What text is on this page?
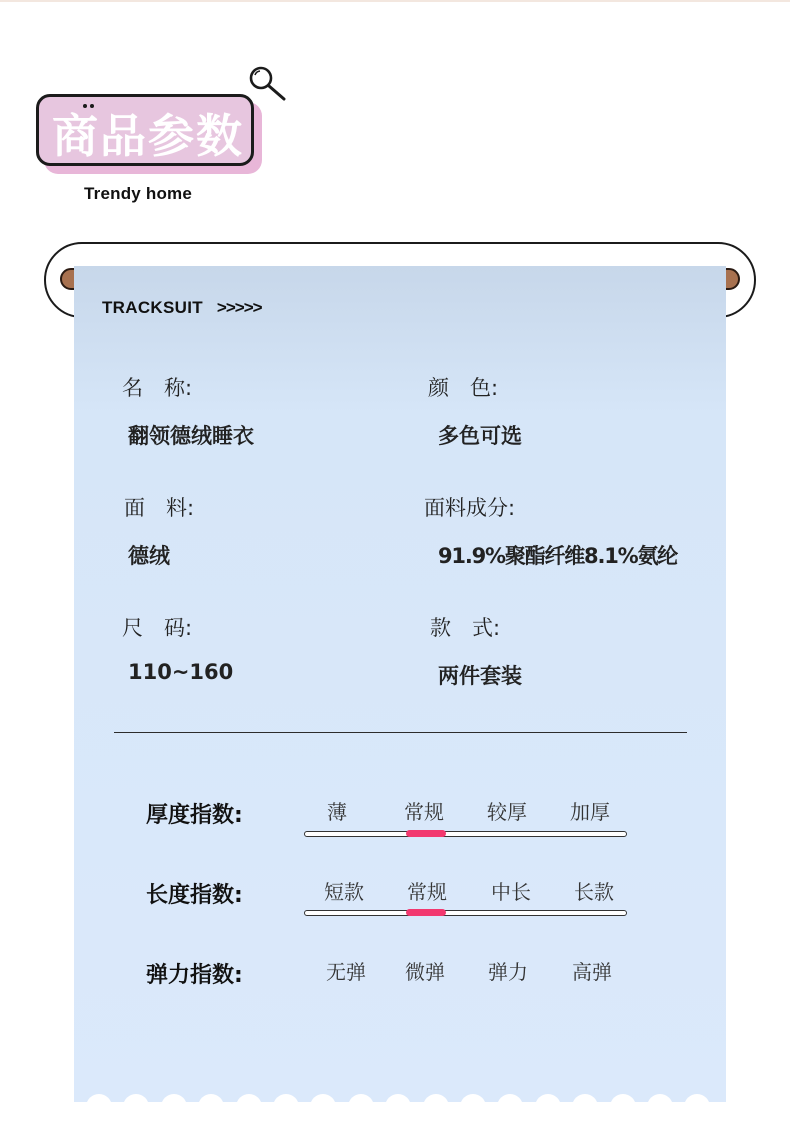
商品参数
Trendy home
TRACKSUIT >>>>>
名　称:
翻领德绒睡衣
颜　色:
多色可选
面　料:
德绒
面料成分:
91.9%聚酯纤维8.1%氨纶
尺　码:
110~160
款　式:
两件套装
厚度指数:	薄	常规	较厚	加厚
长度指数:	短款	常规	中长	长款
弹力指数:	无弹	微弹	弹力	高弹
